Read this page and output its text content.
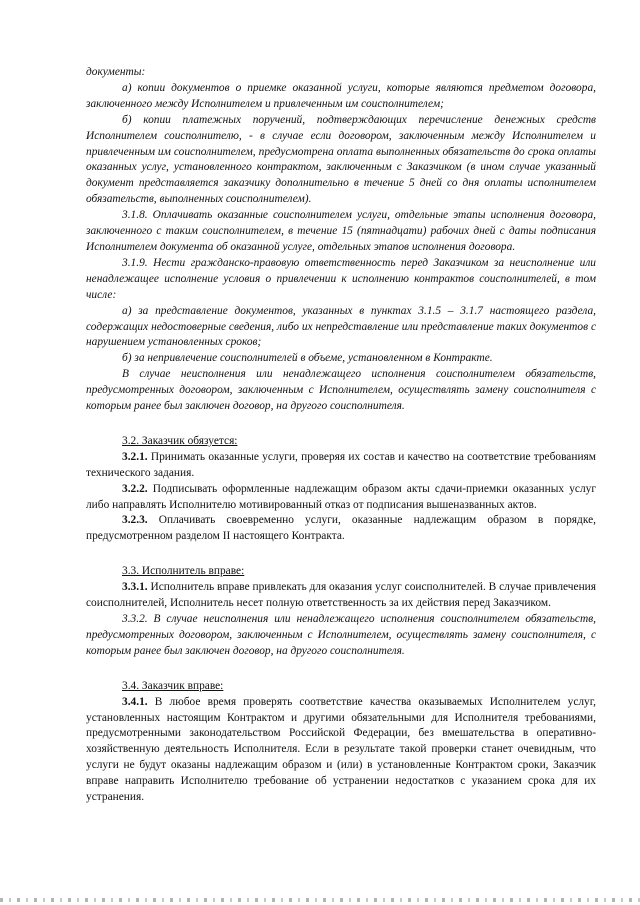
документы:

а) копии документов о приемке оказанной услуги, которые являются предметом договора, заключенного между Исполнителем и привлеченным им соисполнителем;

б) копии платежных поручений, подтверждающих перечисление денежных средств Исполнителем соисполнителю, - в случае если договором, заключенным между Исполнителем и привлеченным им соисполнителем, предусмотрена оплата выполненных обязательств до срока оплаты оказанных услуг, установленного контрактом, заключенным с Заказчиком (в ином случае указанный документ представляется заказчику дополнительно в течение 5 дней со дня оплаты исполнителем обязательств, выполненных соисполнителем).

3.1.8. Оплачивать оказанные соисполнителем услуги, отдельные этапы исполнения договора, заключенного с таким соисполнителем, в течение 15 (пятнадцати) рабочих дней с даты подписания Исполнителем документа об оказанной услуге, отдельных этапов исполнения договора.

3.1.9. Нести гражданско-правовую ответственность перед Заказчиком за неисполнение или ненадлежащее исполнение условия о привлечении к исполнению контрактов соисполнителей, в том числе:

а) за представление документов, указанных в пунктах 3.1.5 – 3.1.7 настоящего раздела, содержащих недостоверные сведения, либо их непредставление или представление таких документов с нарушением установленных сроков;

б) за непривлечение соисполнителей в объеме, установленном в Контракте.

В случае неисполнения или ненадлежащего исполнения соисполнителем обязательств, предусмотренных договором, заключенным с Исполнителем, осуществлять замену соисполнителя с которым ранее был заключен договор, на другого соисполнителя.

3.2. Заказчик обязуется:

3.2.1. Принимать оказанные услуги, проверяя их состав и качество на соответствие требованиям технического задания.

3.2.2. Подписывать оформленные надлежащим образом акты сдачи-приемки оказанных услуг либо направлять Исполнителю мотивированный отказ от подписания вышеназванных актов.

3.2.3. Оплачивать своевременно услуги, оказанные надлежащим образом в порядке, предусмотренном разделом II настоящего Контракта.

3.3. Исполнитель вправе:

3.3.1. Исполнитель вправе привлекать для оказания услуг соисполнителей. В случае привлечения соисполнителей, Исполнитель несет полную ответственность за их действия перед Заказчиком.

3.3.2. В случае неисполнения или ненадлежащего исполнения соисполнителем обязательств, предусмотренных договором, заключенным с Исполнителем, осуществлять замену соисполнителя, с которым ранее был заключен договор, на другого соисполнителя.

3.4. Заказчик вправе:

3.4.1. В любое время проверять соответствие качества оказываемых Исполнителем услуг, установленных настоящим Контрактом и другими обязательными для Исполнителя требованиями, предусмотренными законодательством Российской Федерации, без вмешательства в оперативно-хозяйственную деятельность Исполнителя. Если в результате такой проверки станет очевидным, что услуги не будут оказаны надлежащим образом и (или) в установленные Контрактом сроки, Заказчик вправе направить Исполнителю требование об устранении недостатков с указанием срока для их устранения.
